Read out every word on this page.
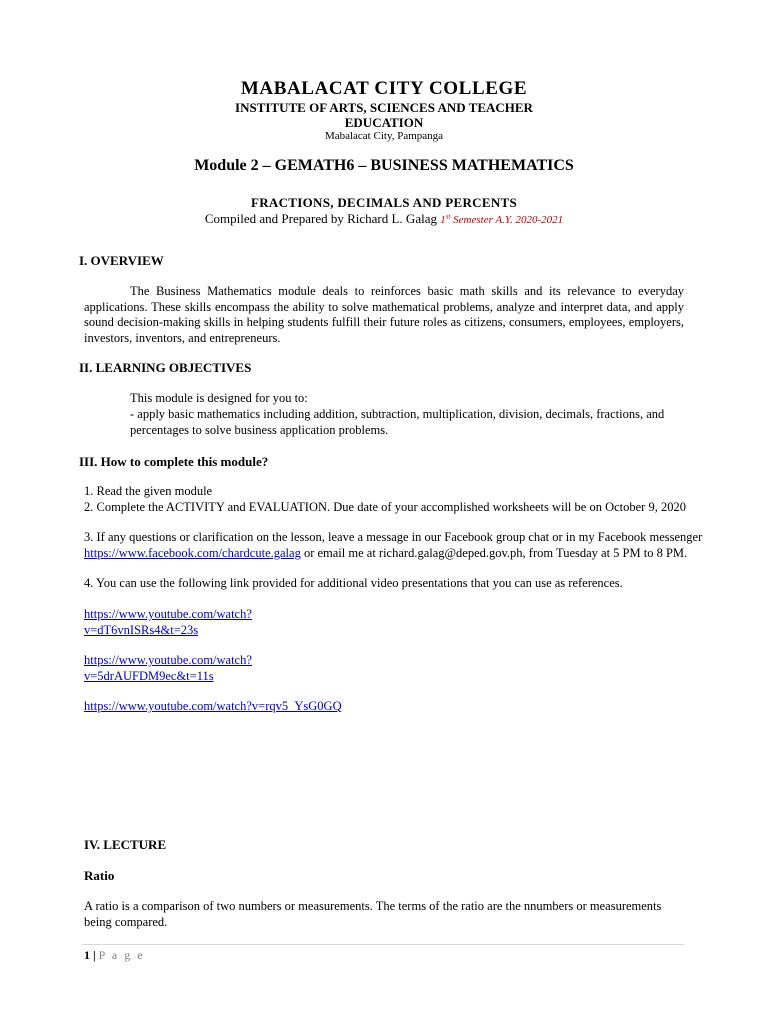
MABALACAT CITY COLLEGE
INSTITUTE OF ARTS, SCIENCES AND TEACHER
EDUCATION
Mabalacat City, Pampanga
Module 2 – GEMATH6 – BUSINESS MATHEMATICS
FRACTIONS, DECIMALS AND PERCENTS
Compiled and Prepared by Richard L. Galag 1st Semester A.Y. 2020-2021
I. OVERVIEW
The Business Mathematics module deals to reinforces basic math skills and its relevance to everyday applications. These skills encompass the ability to solve mathematical problems, analyze and interpret data, and apply sound decision-making skills in helping students fulfill their future roles as citizens, consumers, employees, employers, investors, inventors, and entrepreneurs.
II. LEARNING OBJECTIVES
This module is designed for you to:
- apply basic mathematics including addition, subtraction, multiplication, division, decimals, fractions, and percentages to solve business application problems.
III. How to complete this module?
1. Read the given module
2. Complete the ACTIVITY and EVALUATION. Due date of your accomplished worksheets will be on October 9, 2020
3. If any questions or clarification on the lesson, leave a message in our Facebook group chat or in my Facebook messenger https://www.facebook.com/chardcute.galag or email me at richard.galag@deped.gov.ph, from Tuesday at 5 PM to 8 PM.
4. You can use the following link provided for additional video presentations that you can use as references.
https://www.youtube.com/watch?
v=dT6vnISRs4&t=23s
https://www.youtube.com/watch?
v=5drAUFDM9ec&t=11s
https://www.youtube.com/watch?v=rqv5_YsG0GQ
IV. LECTURE
Ratio
A ratio is a comparison of two numbers or measurements. The terms of the ratio are the nnumbers or measurements being compared.
1 | P a g e
